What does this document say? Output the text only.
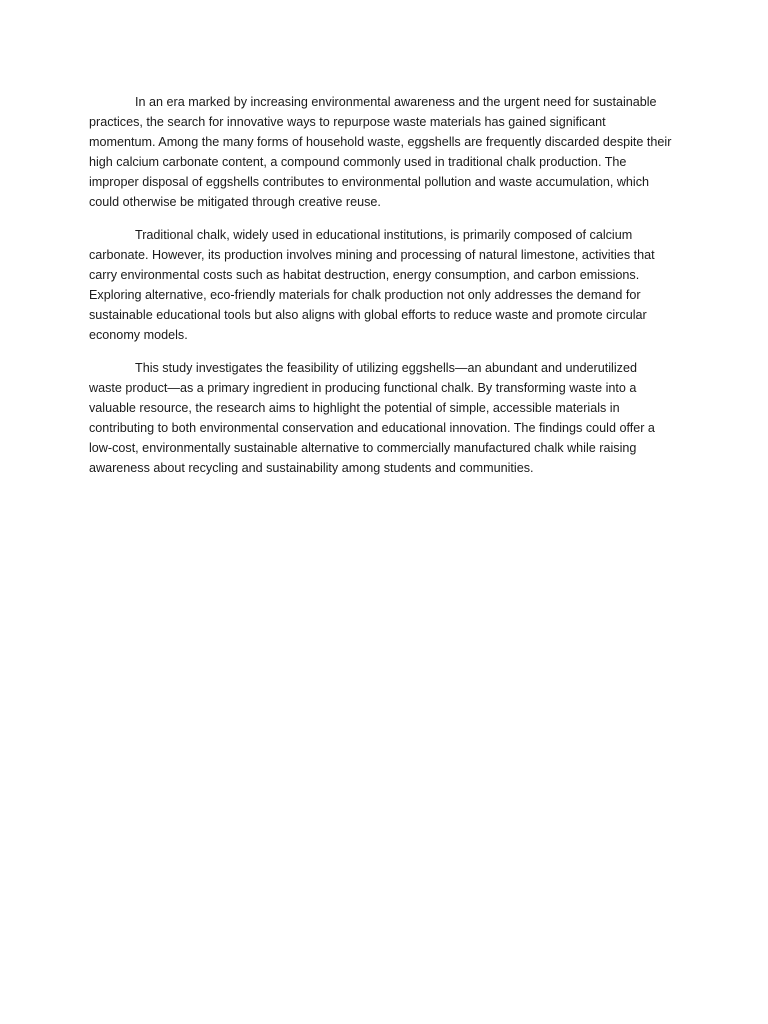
In an era marked by increasing environmental awareness and the urgent need for sustainable practices, the search for innovative ways to repurpose waste materials has gained significant momentum. Among the many forms of household waste, eggshells are frequently discarded despite their high calcium carbonate content, a compound commonly used in traditional chalk production. The improper disposal of eggshells contributes to environmental pollution and waste accumulation, which could otherwise be mitigated through creative reuse.

Traditional chalk, widely used in educational institutions, is primarily composed of calcium carbonate. However, its production involves mining and processing of natural limestone, activities that carry environmental costs such as habitat destruction, energy consumption, and carbon emissions. Exploring alternative, eco-friendly materials for chalk production not only addresses the demand for sustainable educational tools but also aligns with global efforts to reduce waste and promote circular economy models.

This study investigates the feasibility of utilizing eggshells—an abundant and underutilized waste product—as a primary ingredient in producing functional chalk. By transforming waste into a valuable resource, the research aims to highlight the potential of simple, accessible materials in contributing to both environmental conservation and educational innovation. The findings could offer a low-cost, environmentally sustainable alternative to commercially manufactured chalk while raising awareness about recycling and sustainability among students and communities.
